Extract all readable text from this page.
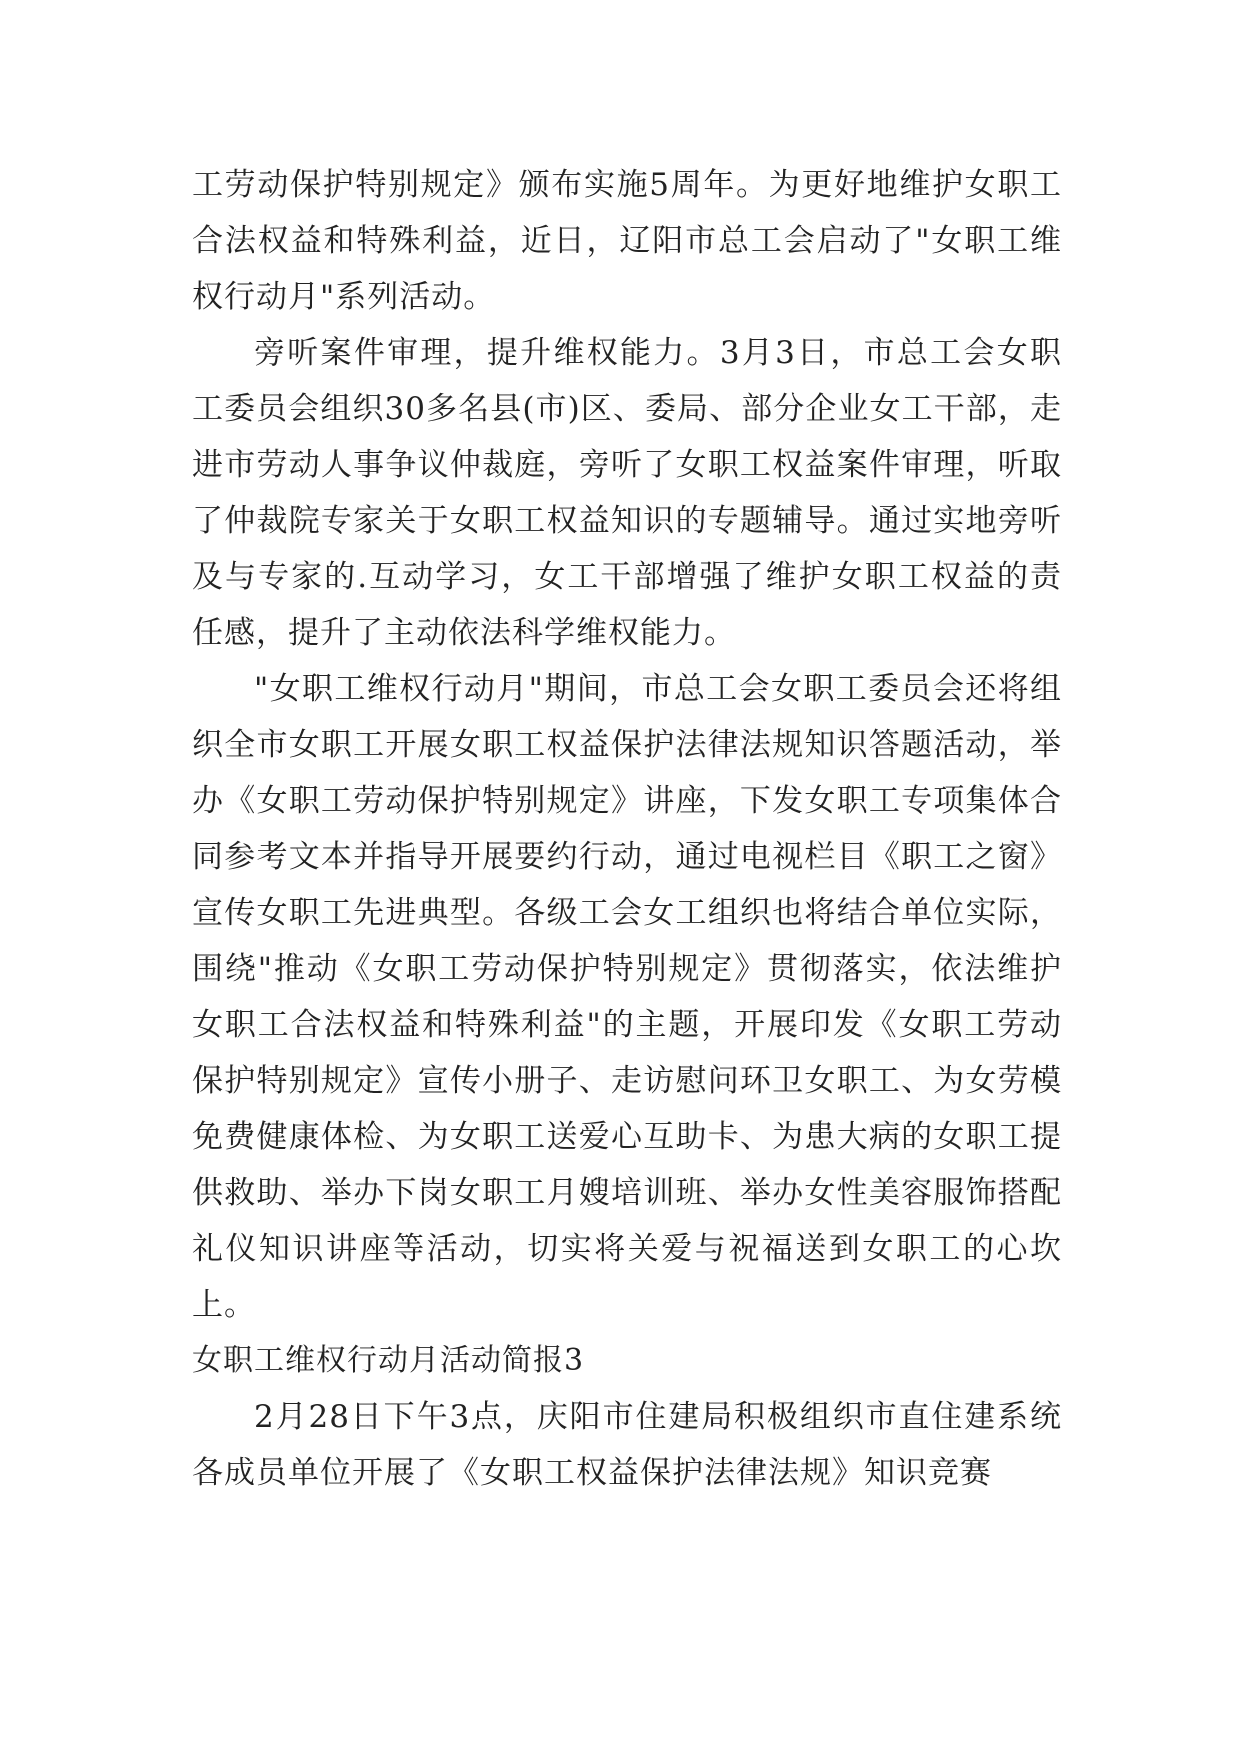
工劳动保护特别规定》颁布实施5周年。为更好地维护女职工合法权益和特殊利益，近日，辽阳市总工会启动了"女职工维权行动月"系列活动。

旁听案件审理，提升维权能力。3月3日，市总工会女职工委员会组织30多名县(市)区、委局、部分企业女工干部，走进市劳动人事争议仲裁庭，旁听了女职工权益案件审理，听取了仲裁院专家关于女职工权益知识的专题辅导。通过实地旁听及与专家的.互动学习，女工干部增强了维护女职工权益的责任感，提升了主动依法科学维权能力。

"女职工维权行动月"期间，市总工会女职工委员会还将组织全市女职工开展女职工权益保护法律法规知识答题活动，举办《女职工劳动保护特别规定》讲座，下发女职工专项集体合同参考文本并指导开展要约行动，通过电视栏目《职工之窗》宣传女职工先进典型。各级工会女工组织也将结合单位实际，围绕"推动《女职工劳动保护特别规定》贯彻落实，依法维护女职工合法权益和特殊利益"的主题，开展印发《女职工劳动保护特别规定》宣传小册子、走访慰问环卫女职工、为女劳模免费健康体检、为女职工送爱心互助卡、为患大病的女职工提供救助、举办下岗女职工月嫂培训班、举办女性美容服饰搭配礼仪知识讲座等活动，切实将关爱与祝福送到女职工的心坎上。

女职工维权行动月活动简报3

2月28日下午3点，庆阳市住建局积极组织市直住建系统各成员单位开展了《女职工权益保护法律法规》知识竞赛
